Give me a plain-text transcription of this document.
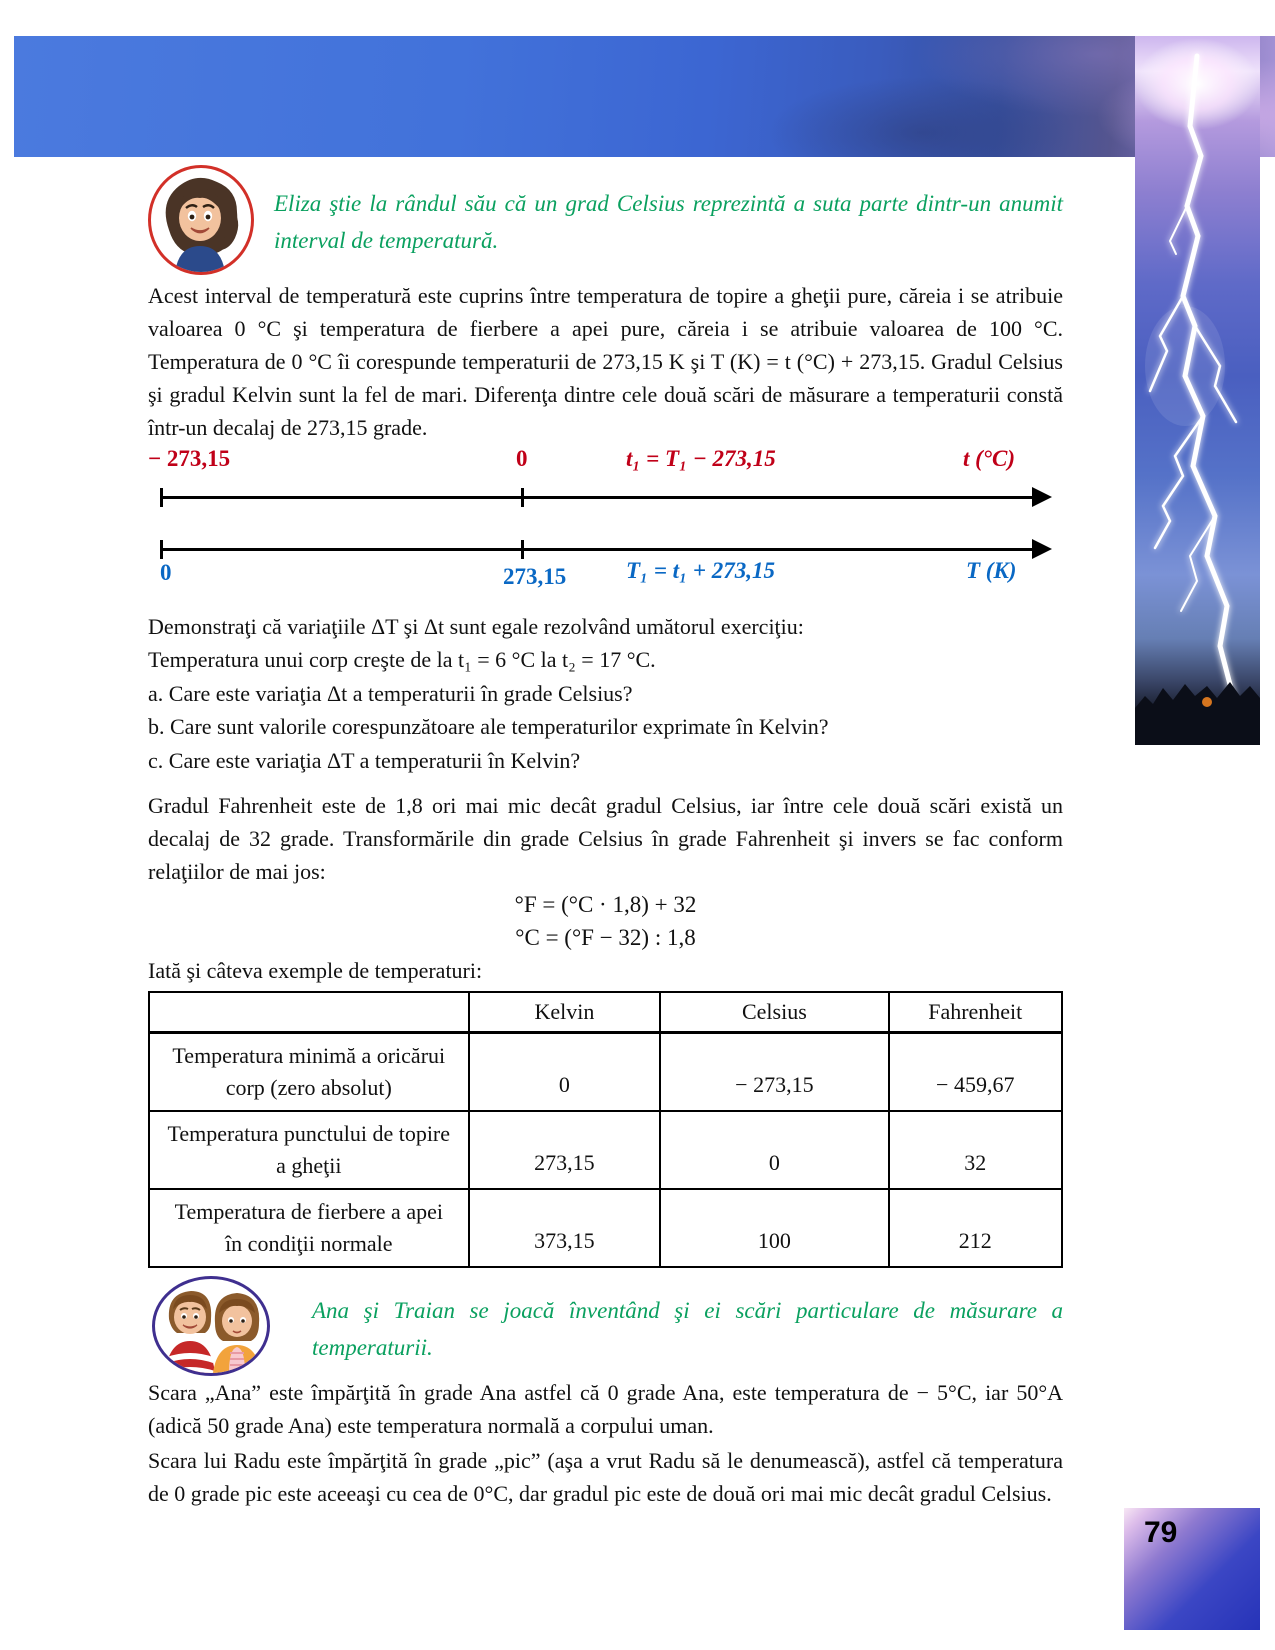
Eliza ştie la rândul său că un grad Celsius reprezintă a suta parte dintr-un anumit interval de temperatură.
Acest interval de temperatură este cuprins între temperatura de topire a gheţii pure, căreia i se atribuie valoarea 0 °C şi temperatura de fierbere a apei pure, căreia i se atribuie valoarea de 100 °C. Temperatura de 0 °C îi corespunde temperaturii de 273,15 K şi T (K) = t (°C) + 273,15. Gradul Celsius şi gradul Kelvin sunt la fel de mari. Diferenţa dintre cele două scări de măsurare a temperaturii constă într-un decalaj de 273,15 grade.
− 273,15	0	t₁ = T₁ − 273,15	t (°C)
0	273,15	T₁ = t₁ + 273,15	T (K)
Demonstraţi că variaţiile ΔT şi Δt sunt egale rezolvând umătorul exerciţiu:
Temperatura unui corp creşte de la t₁ = 6 °C la t₂ = 17 °C.
a. Care este variaţia Δt a temperaturii în grade Celsius?
b. Care sunt valorile corespunzătoare ale temperaturilor exprimate în Kelvin?
c. Care este variaţia ΔT a temperaturii în Kelvin?
Gradul Fahrenheit este de 1,8 ori mai mic decât gradul Celsius, iar între cele două scări există un decalaj de 32 grade. Transformările din grade Celsius în grade Fahrenheit şi invers se fac conform relaţiilor de mai jos:
°F = (°C · 1,8) + 32
°C = (°F − 32) : 1,8
Iată şi câteva exemple de temperaturi:
	Kelvin	Celsius	Fahrenheit
Temperatura minimă a oricărui corp (zero absolut)	0	− 273,15	− 459,67
Temperatura punctului de topire a gheţii	273,15	0	32
Temperatura de fierbere a apei în condiţii normale	373,15	100	212
Ana şi Traian se joacă înventând şi ei scări particulare de măsurare a temperaturii.
Scara „Ana” este împărţită în grade Ana astfel că 0 grade Ana, este temperatura de − 5°C, iar 50°A (adică 50 grade Ana) este temperatura normală a corpului uman.
Scara lui Radu este împărţită în grade „pic” (aşa a vrut Radu să le denumească), astfel că temperatura de 0 grade pic este aceeaşi cu cea de 0°C, dar gradul pic este de două ori mai mic decât gradul Celsius.
79
